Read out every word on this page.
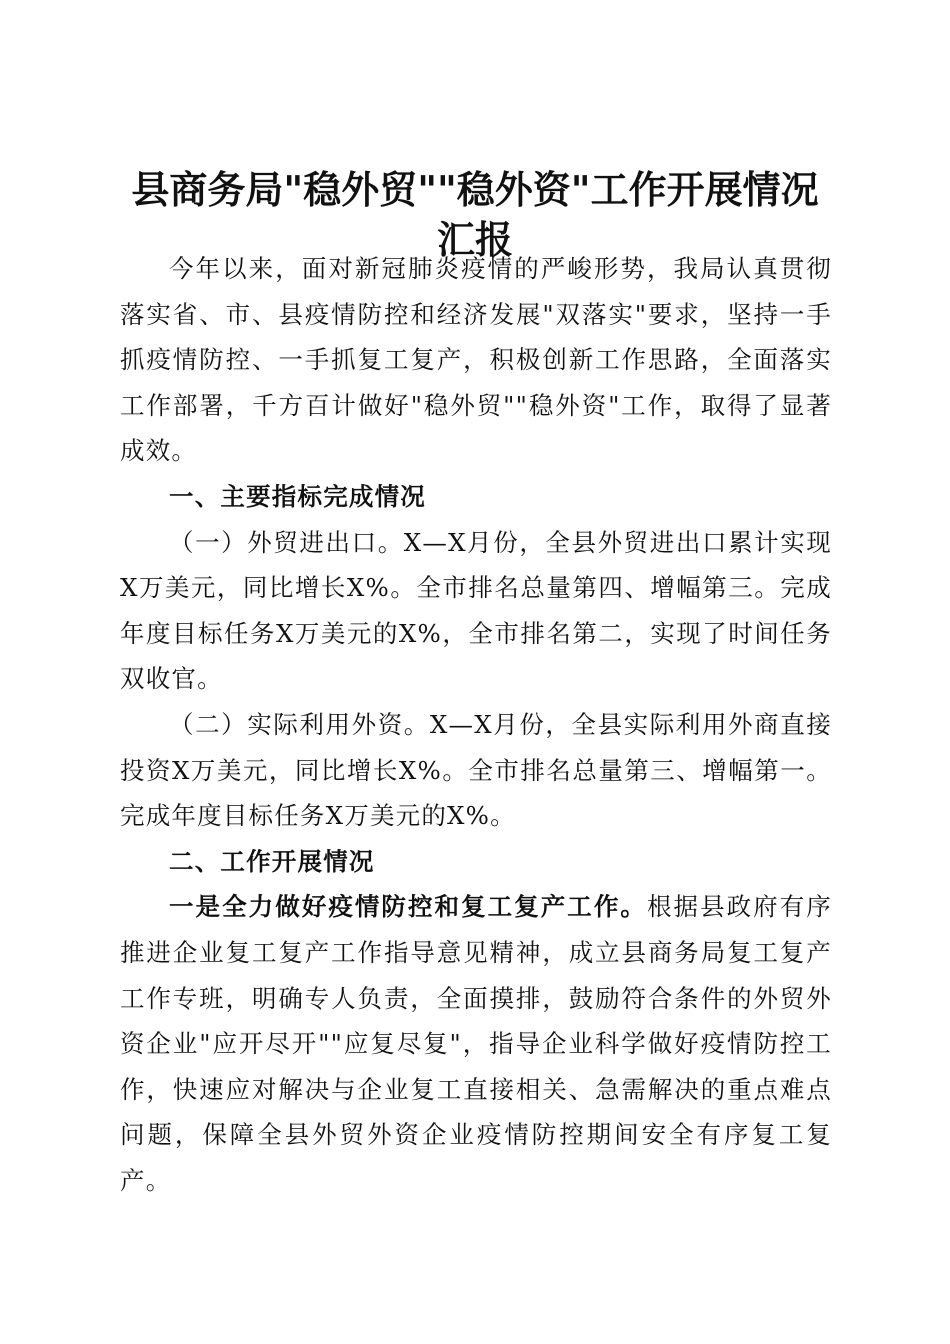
县商务局"稳外贸""稳外资"工作开展情况汇报

今年以来，面对新冠肺炎疫情的严峻形势，我局认真贯彻落实省、市、县疫情防控和经济发展"双落实"要求，坚持一手抓疫情防控、一手抓复工复产，积极创新工作思路，全面落实工作部署，千方百计做好"稳外贸""稳外资"工作，取得了显著成效。

一、主要指标完成情况

（一）外贸进出口。X—X月份，全县外贸进出口累计实现X万美元，同比增长X%。全市排名总量第四、增幅第三。完成年度目标任务X万美元的X%，全市排名第二，实现了时间任务双收官。

（二）实际利用外资。X—X月份，全县实际利用外商直接投资X万美元，同比增长X%。全市排名总量第三、增幅第一。完成年度目标任务X万美元的X%。

二、工作开展情况

一是全力做好疫情防控和复工复产工作。根据县政府有序推进企业复工复产工作指导意见精神，成立县商务局复工复产工作专班，明确专人负责，全面摸排，鼓励符合条件的外贸外资企业"应开尽开""应复尽复"，指导企业科学做好疫情防控工作，快速应对解决与企业复工直接相关、急需解决的重点难点问题，保障全县外贸外资企业疫情防控期间安全有序复工复产。
